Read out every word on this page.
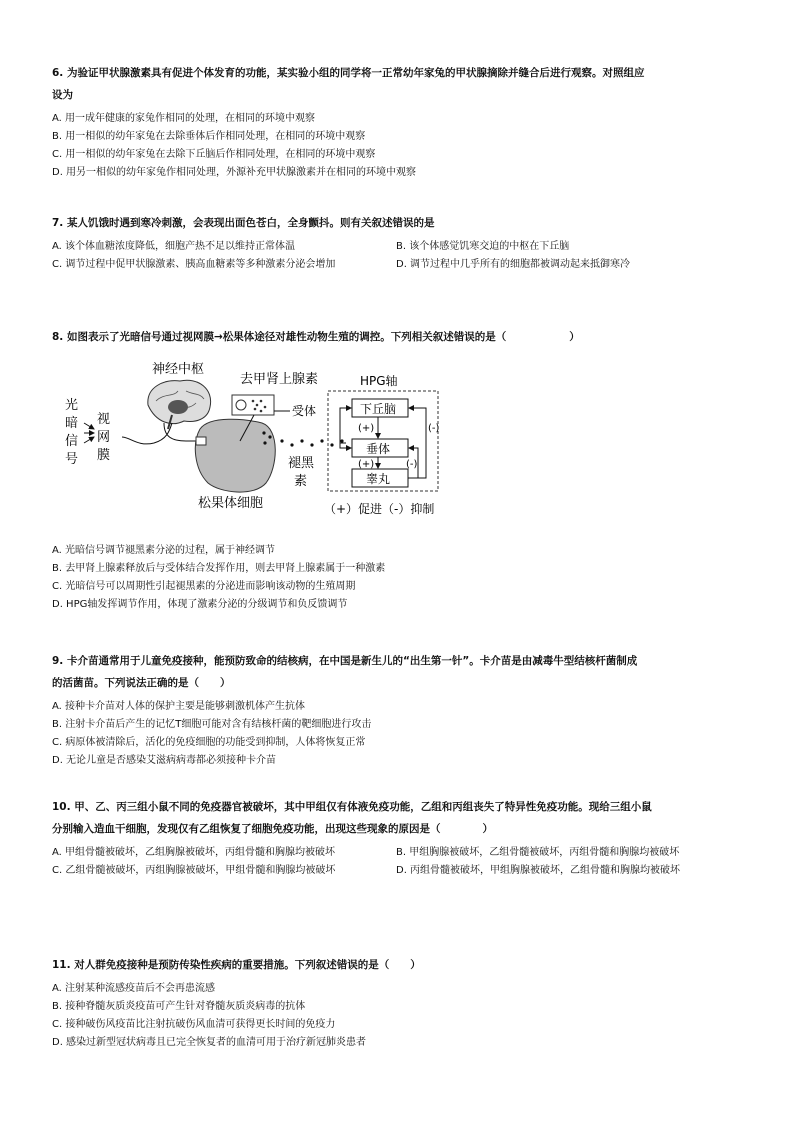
6. 为验证甲状腺激素具有促进个体发育的功能，某实验小组的同学将一正常幼年家兔的甲状腺摘除并缝合后进行观察。对照组应
设为
A. 用一成年健康的家兔作相同的处理，在相同的环境中观察
B. 用一相似的幼年家兔在去除垂体后作相同处理，在相同的环境中观察
C. 用一相似的幼年家兔在去除下丘脑后作相同处理，在相同的环境中观察
D. 用另一相似的幼年家兔作相同处理，外源补充甲状腺激素并在相同的环境中观察
7. 某人饥饿时遇到寒冷刺激，会表现出面色苍白，全身颤抖。则有关叙述错误的是
A. 该个体血糖浓度降低，细胞产热不足以维持正常体温	B. 该个体感觉饥寒交迫的中枢在下丘脑
C. 调节过程中促甲状腺激素、胰高血糖素等多种激素分泌会增加	D. 调节过程中几乎所有的细胞都被调动起来抵御寒冷
8. 如图表示了光暗信号通过视网膜→松果体途径对雄性动物生殖的调控。下列相关叙述错误的是（　　　　　　）
光
暗
信
号
视
网
膜
神经中枢
去甲肾上腺素
受体
松果体细胞
褪黑
素
HPG轴
下丘脑
垂体
睾丸
(+)
(+)
(-)
(-)
（+）促进（-）抑制
A. 光暗信号调节褪黑素分泌的过程，属于神经调节
B. 去甲肾上腺素释放后与受体结合发挥作用，则去甲肾上腺素属于一种激素
C. 光暗信号可以周期性引起褪黑素的分泌进而影响该动物的生殖周期
D. HPG轴发挥调节作用，体现了激素分泌的分级调节和负反馈调节
9. 卡介苗通常用于儿童免疫接种，能预防致命的结核病，在中国是新生儿的“出生第一针”。卡介苗是由减毒牛型结核杆菌制成
的活菌苗。下列说法正确的是（　　）
A. 接种卡介苗对人体的保护主要是能够刺激机体产生抗体
B. 注射卡介苗后产生的记忆T细胞可能对含有结核杆菌的靶细胞进行攻击
C. 病原体被清除后，活化的免疫细胞的功能受到抑制，人体将恢复正常
D. 无论儿童是否感染艾滋病病毒都必须接种卡介苗
10. 甲、乙、丙三组小鼠不同的免疫器官被破坏，其中甲组仅有体液免疫功能，乙组和丙组丧失了特异性免疫功能。现给三组小鼠
分别输入造血干细胞，发现仅有乙组恢复了细胞免疫功能，出现这些现象的原因是（　　　　）
A. 甲组骨髓被破坏，乙组胸腺被破坏，丙组骨髓和胸腺均被破坏	B. 甲组胸腺被破坏，乙组骨髓被破坏，丙组骨髓和胸腺均被破坏
C. 乙组骨髓被破坏，丙组胸腺被破坏，甲组骨髓和胸腺均被破坏	D. 丙组骨髓被破坏，甲组胸腺被破坏，乙组骨髓和胸腺均被破坏
11. 对人群免疫接种是预防传染性疾病的重要措施。下列叙述错误的是（　　）
A. 注射某种流感疫苗后不会再患流感
B. 接种脊髓灰质炎疫苗可产生针对脊髓灰质炎病毒的抗体
C. 接种破伤风疫苗比注射抗破伤风血清可获得更长时间的免疫力
D. 感染过新型冠状病毒且已完全恢复者的血清可用于治疗新冠肺炎患者
